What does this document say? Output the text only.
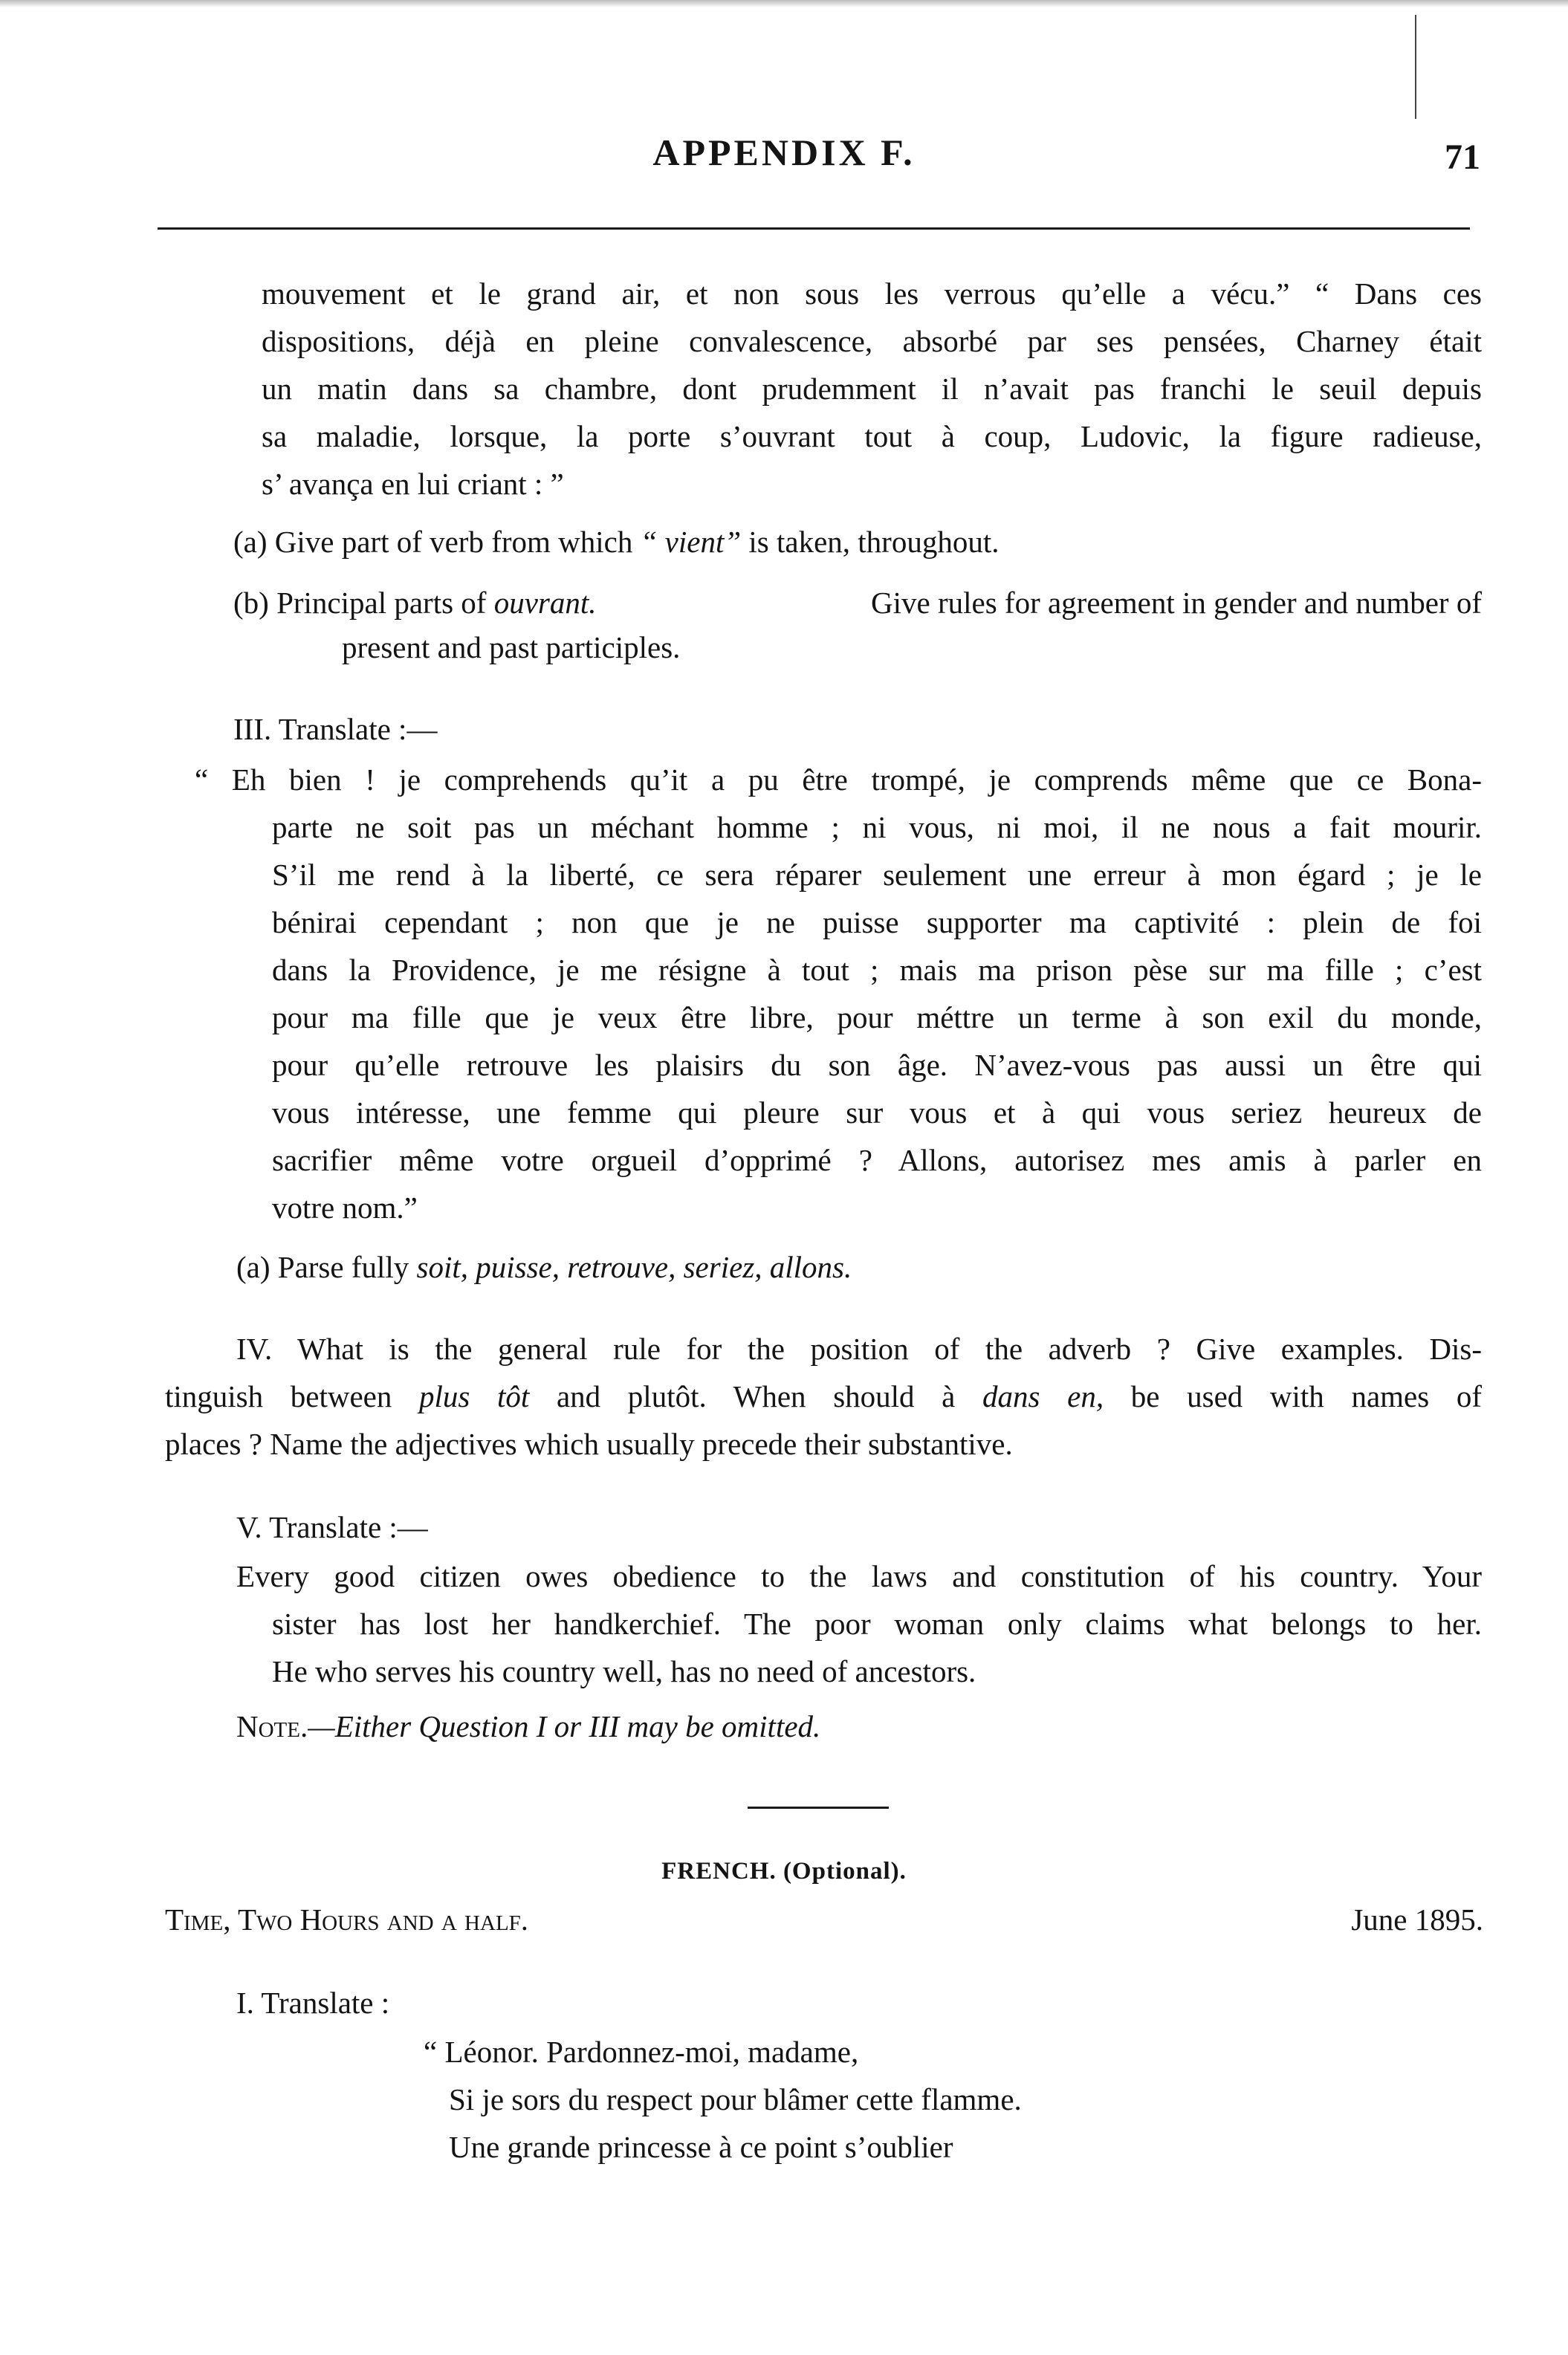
APPENDIX F.	71
mouvement et le grand air, et non sous les verrous qu’elle a vécu.” “ Dans ces
dispositions, déjà en pleine convalescence, absorbé par ses pensées, Charney était
un matin dans sa chambre, dont prudemment il n’avait pas franchi le seuil depuis
sa maladie, lorsque, la porte s’ouvrant tout à coup, Ludovic, la figure radieuse,
s’ avança en lui criant : ”
(a) Give part of verb from which “ vient” is taken, throughout.
(b) Principal parts of ouvrant.	Give rules for agreement in gender and number of
present and past participles.
III. Translate :—
“ Eh bien ! je comprehends qu’it a pu être trompé, je comprends même que ce Bona-
parte ne soit pas un méchant homme ; ni vous, ni moi, il ne nous a fait mourir.
S’il me rend à la liberté, ce sera réparer seulement une erreur à mon égard ; je le
bénirai cependant ; non que je ne puisse supporter ma captivité : plein de foi
dans la Providence, je me résigne à tout ; mais ma prison pèse sur ma fille ; c’est
pour ma fille que je veux être libre, pour méttre un terme à son exil du monde,
pour qu’elle retrouve les plaisirs du son âge. N’avez-vous pas aussi un être qui
vous intéresse, une femme qui pleure sur vous et à qui vous seriez heureux de
sacrifier même votre orgueil d’opprimé ? Allons, autorisez mes amis à parler en
votre nom.”
(a) Parse fully soit, puisse, retrouve, seriez, allons.
IV. What is the general rule for the position of the adverb ? Give examples. Dis-
tinguish between plus tôt and plutôt. When should à dans en, be used with names of
places ? Name the adjectives which usually precede their substantive.
V. Translate :—
Every good citizen owes obedience to the laws and constitution of his country. Your
sister has lost her handkerchief. The poor woman only claims what belongs to her.
He who serves his country well, has no need of ancestors.
Note.—Either Question I or III may be omitted.
FRENCH. (Optional).
Time, Two Hours and a half.	June 1895.
I. Translate :
“ Léonor. Pardonnez-moi, madame,
Si je sors du respect pour blâmer cette flamme.
Une grande princesse à ce point s’oublier
